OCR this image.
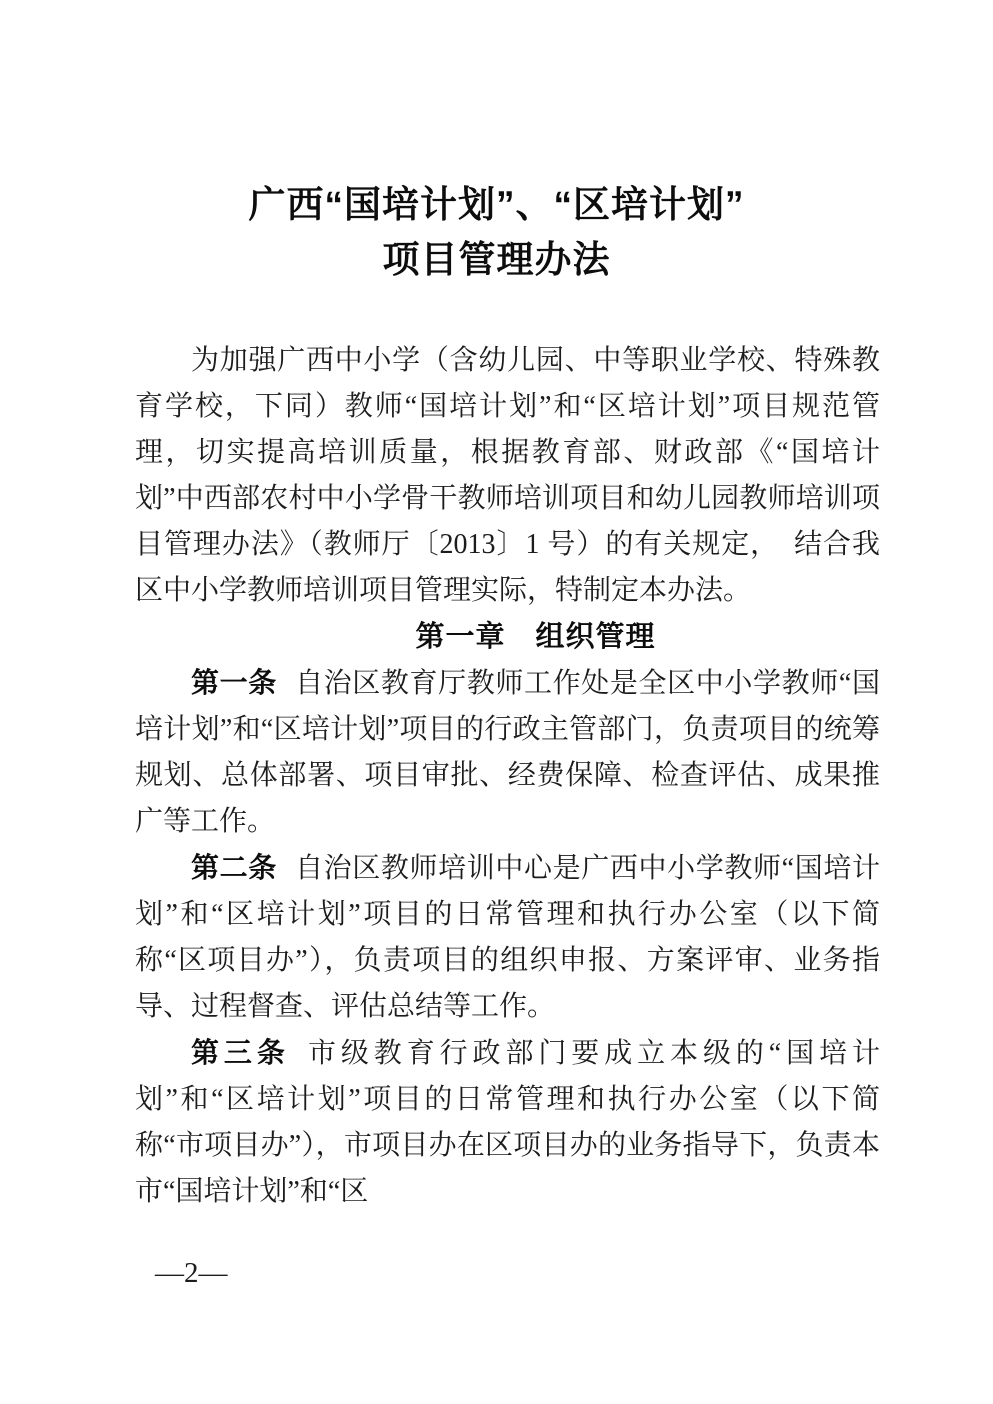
广西“国培计划”、“区培计划”
项目管理办法

为加强广西中小学（含幼儿园、中等职业学校、特殊教育学校，下同）教师“国培计划”和“区培计划”项目规范管理，切实提高培训质量，根据教育部、财政部《“国培计划”中西部农村中小学骨干教师培训项目和幼儿园教师培训项目管理办法》（教师厅〔2013〕1 号）的有关规定，　结合我区中小学教师培训项目管理实际，特制定本办法。

第一章　组织管理

第一条 自治区教育厅教师工作处是全区中小学教师“国培计划”和“区培计划”项目的行政主管部门，负责项目的统筹规划、总体部署、项目审批、经费保障、检查评估、成果推广等工作。

第二条 自治区教师培训中心是广西中小学教师“国培计划”和“区培计划”项目的日常管理和执行办公室（以下简称“区项目办”），负责项目的组织申报、方案评审、业务指导、过程督查、评估总结等工作。

第三条 市级教育行政部门要成立本级的“国培计划”和“区培计划”项目的日常管理和执行办公室（以下简称“市项目办”），市项目办在区项目办的业务指导下，负责本市“国培计划”和“区

—2—
